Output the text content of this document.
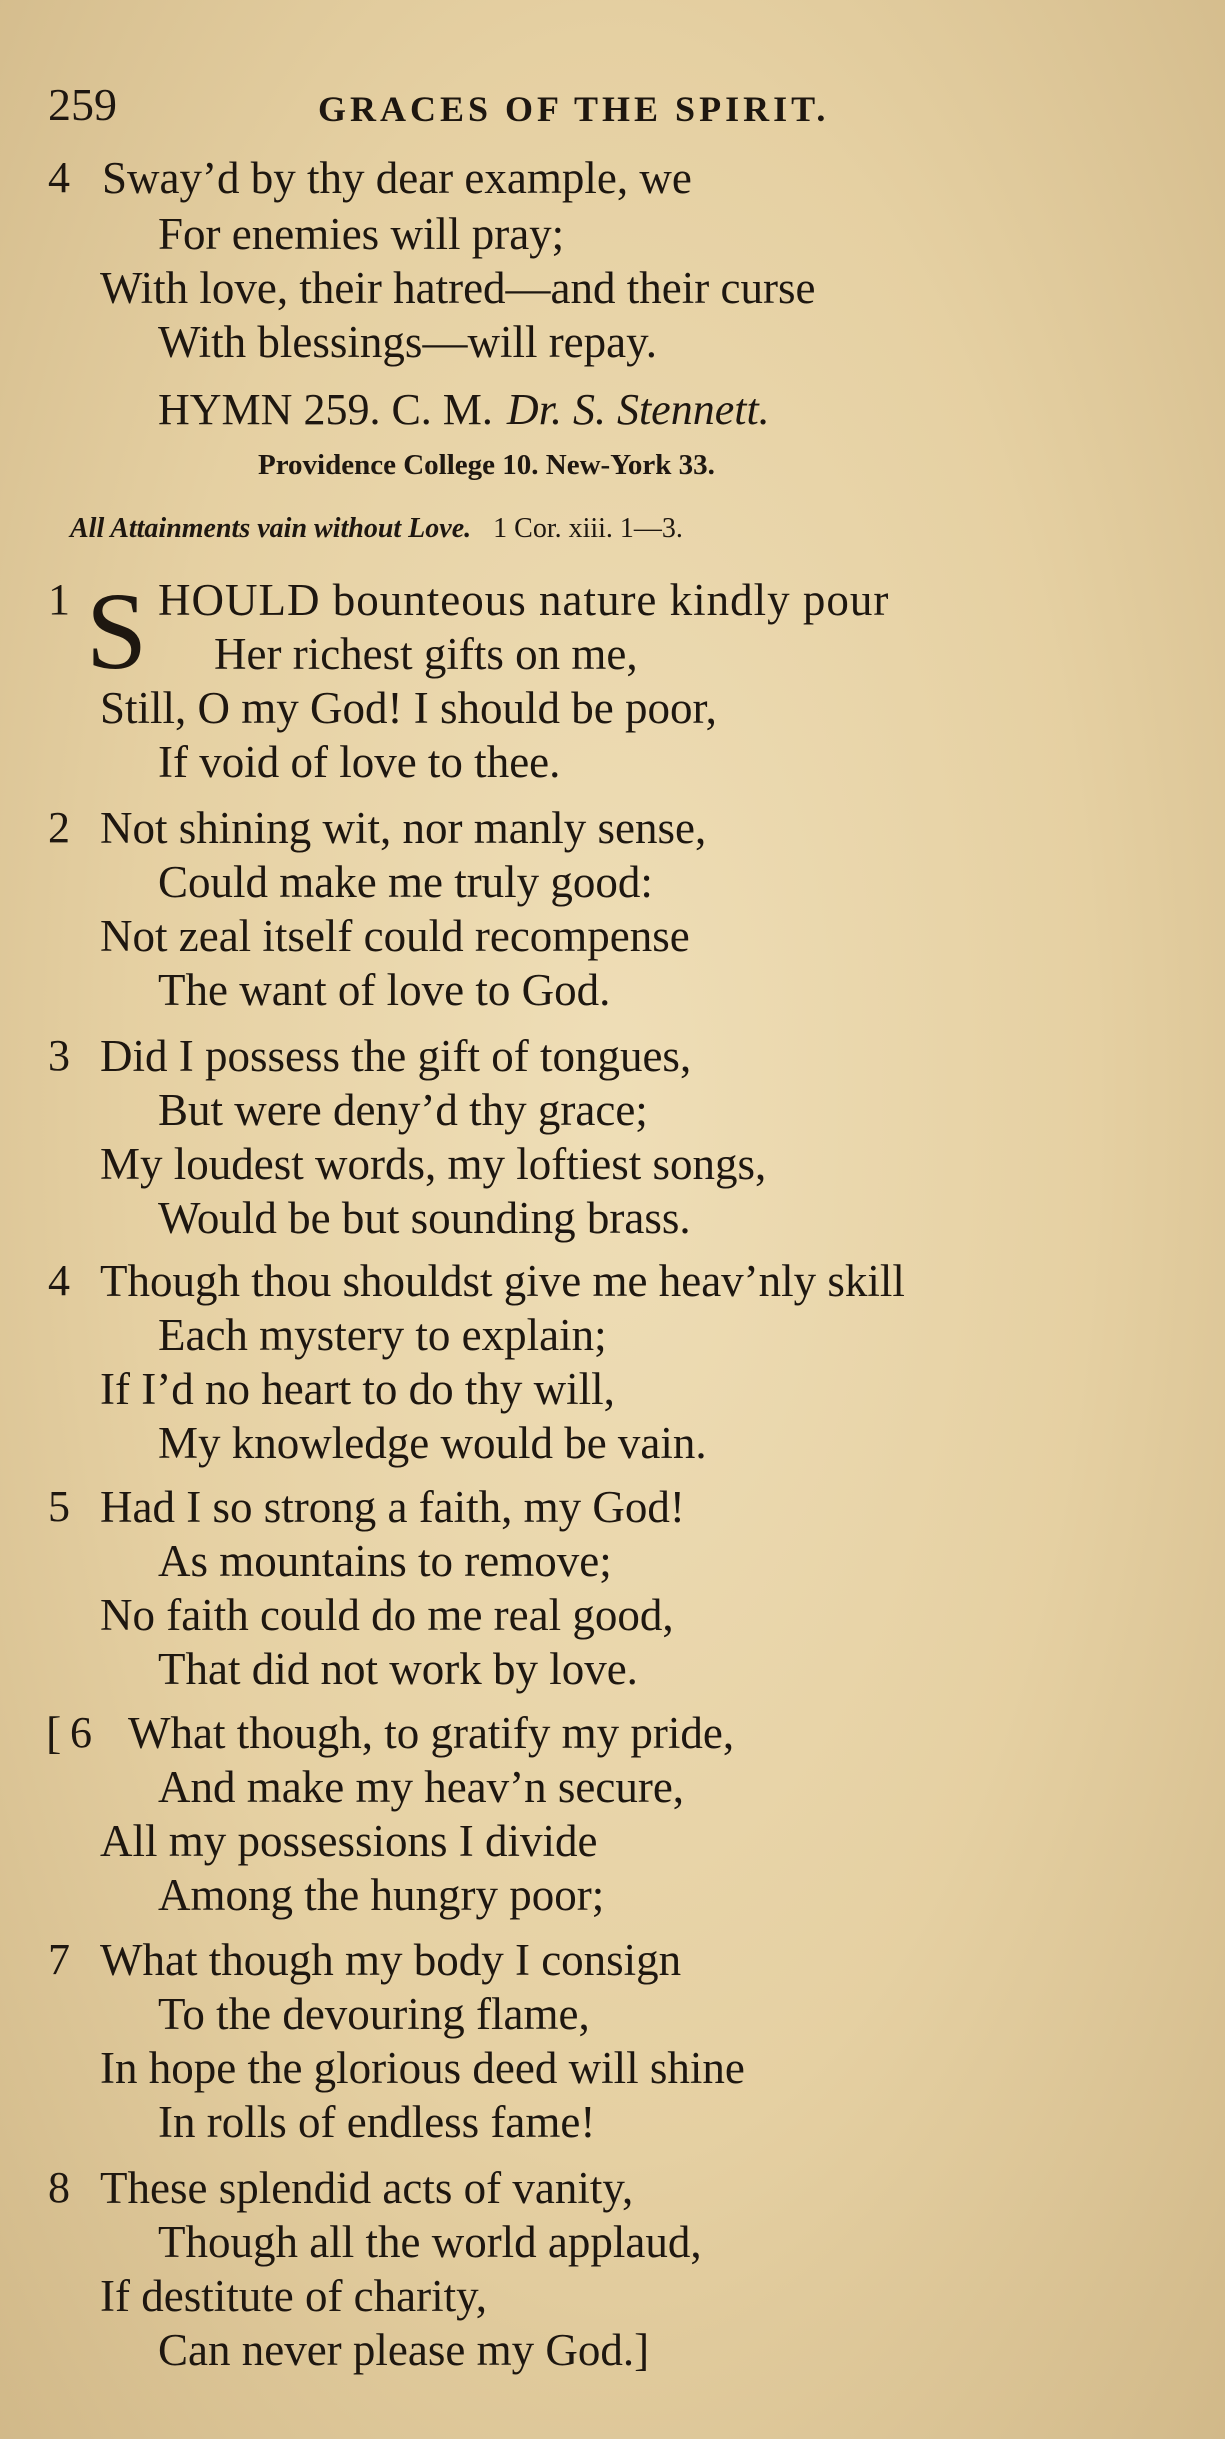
259	GRACES OF THE SPIRIT.
4 Sway’d by thy dear example, we
For enemies will pray;
With love, their hatred—and their curse
With blessings—will repay.
HYMN 259. C. M. Dr. S. Stennett.
Providence College 10. New-York 33.
All Attainments vain without Love. 1 Cor. xiii. 1—3.
1 S HOULD bounteous nature kindly pour
Her richest gifts on me,
Still, O my God! I should be poor,
If void of love to thee.
2 Not shining wit, nor manly sense,
Could make me truly good:
Not zeal itself could recompense
The want of love to God.
3 Did I possess the gift of tongues,
But were deny’d thy grace;
My loudest words, my loftiest songs,
Would be but sounding brass.
4 Though thou shouldst give me heav’nly skill
Each mystery to explain;
If I’d no heart to do thy will,
My knowledge would be vain.
5 Had I so strong a faith, my God!
As mountains to remove;
No faith could do me real good,
That did not work by love.
[ 6 What though, to gratify my pride,
And make my heav’n secure,
All my possessions I divide
Among the hungry poor;
7 What though my body I consign
To the devouring flame,
In hope the glorious deed will shine
In rolls of endless fame!
8 These splendid acts of vanity,
Though all the world applaud,
If destitute of charity,
Can never please my God.]
